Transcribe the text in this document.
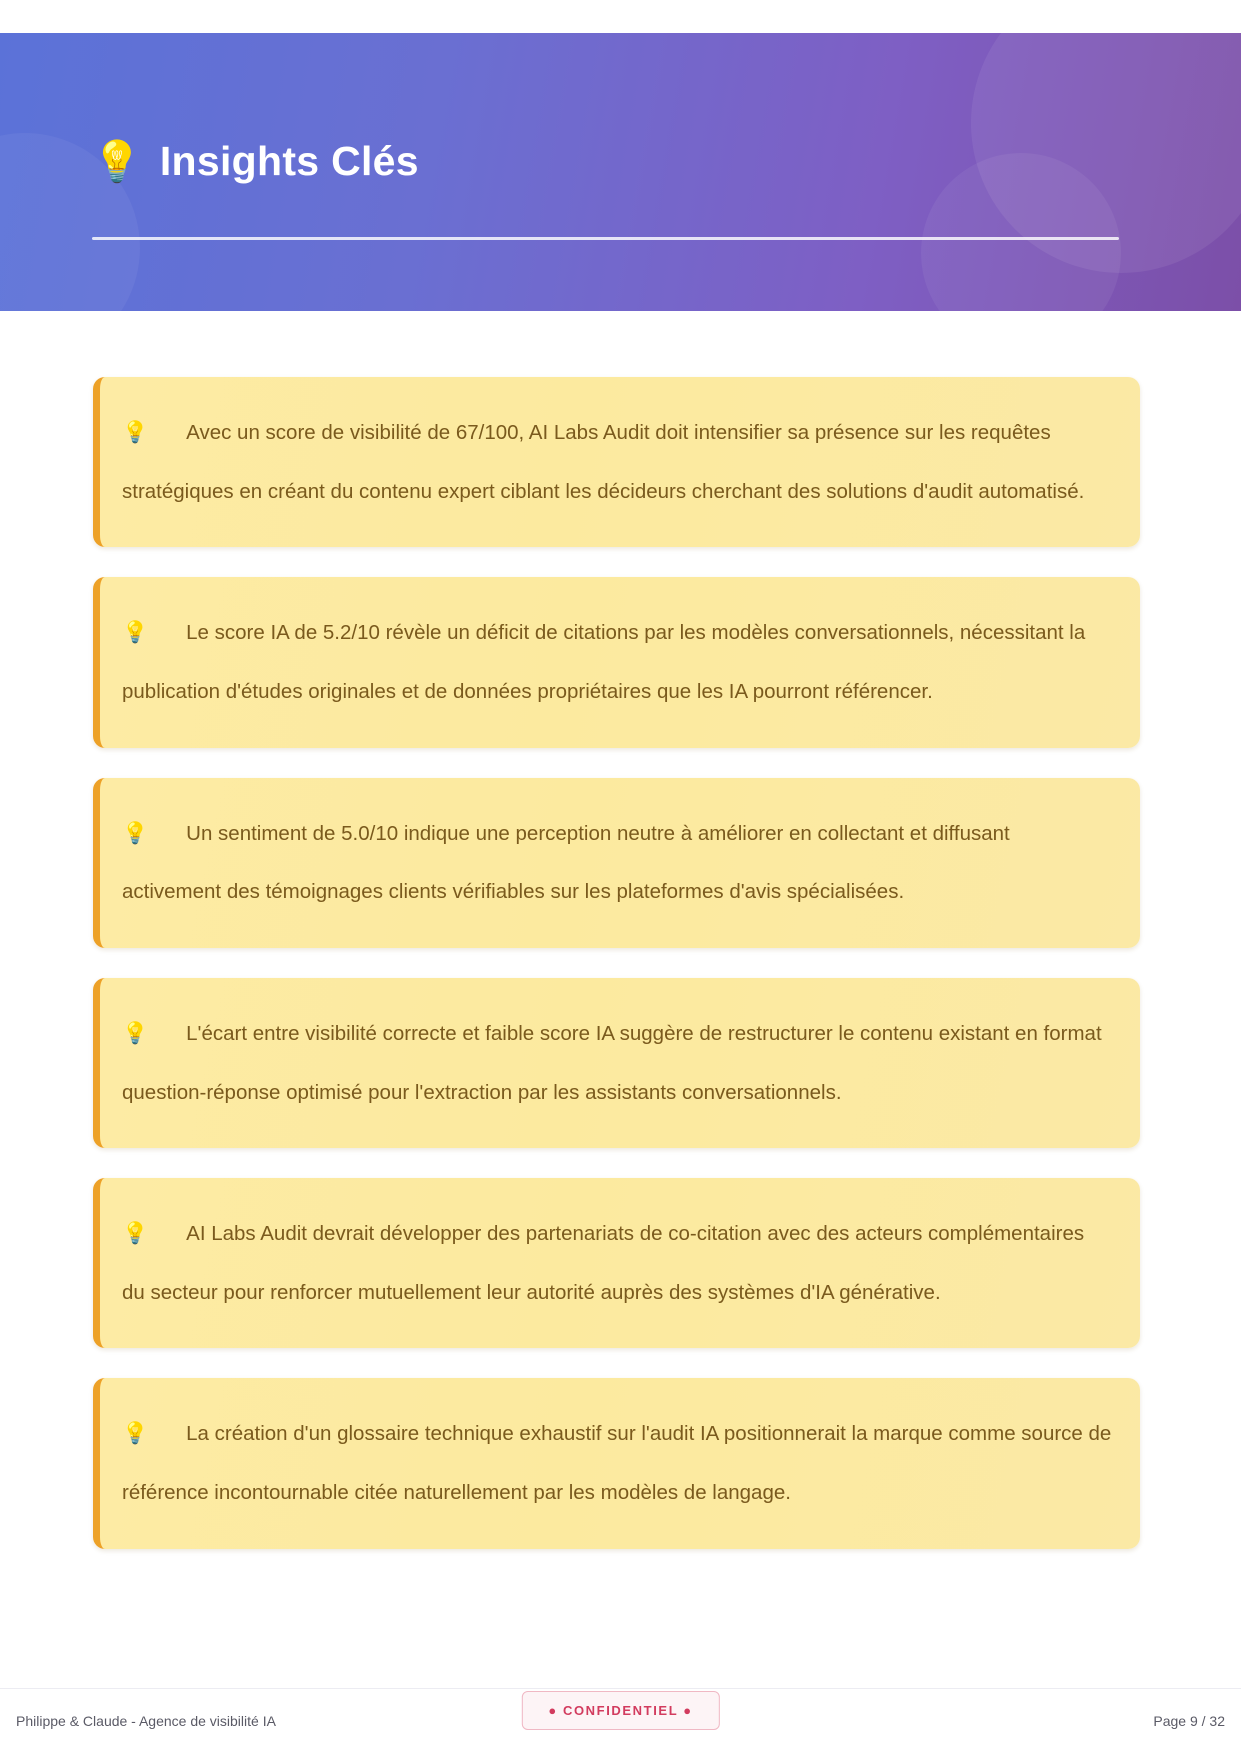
💡 Insights Clés
💡 Avec un score de visibilité de 67/100, AI Labs Audit doit intensifier sa présence sur les requêtes stratégiques en créant du contenu expert ciblant les décideurs cherchant des solutions d'audit automatisé.
💡 Le score IA de 5.2/10 révèle un déficit de citations par les modèles conversationnels, nécessitant la publication d'études originales et de données propriétaires que les IA pourront référencer.
💡 Un sentiment de 5.0/10 indique une perception neutre à améliorer en collectant et diffusant activement des témoignages clients vérifiables sur les plateformes d'avis spécialisées.
💡 L'écart entre visibilité correcte et faible score IA suggère de restructurer le contenu existant en format question-réponse optimisé pour l'extraction par les assistants conversationnels.
💡 AI Labs Audit devrait développer des partenariats de co-citation avec des acteurs complémentaires du secteur pour renforcer mutuellement leur autorité auprès des systèmes d'IA générative.
💡 La création d'un glossaire technique exhaustif sur l'audit IA positionnerait la marque comme source de référence incontournable citée naturellement par les modèles de langage.
Philippe & Claude - Agence de visibilité IA
● CONFIDENTIEL ●
Page 9 / 32
